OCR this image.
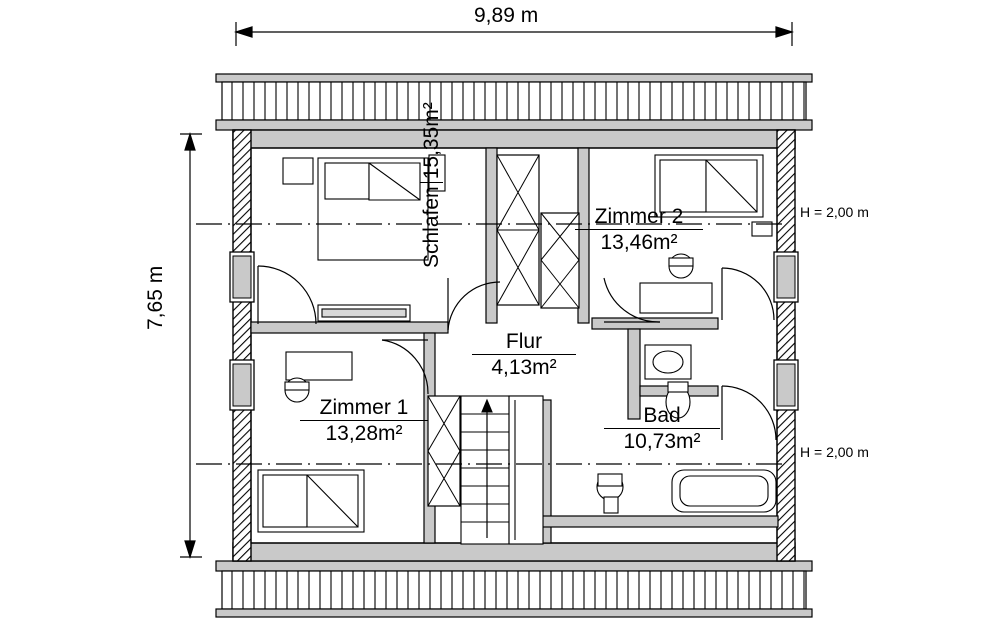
9,89 m
7,65 m
H = 2,00 m
H = 2,00 m
Schlafen15,35m²
Zimmer 2
13,46m²
Flur
4,13m²
Zimmer 1
13,28m²
Bad
10,73m²
